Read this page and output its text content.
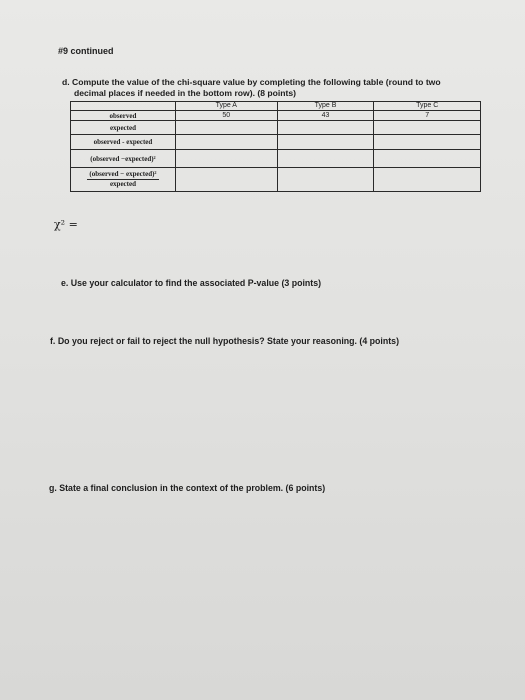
#9 continued
d. Compute the value of the chi-square value by completing the following table (round to two
decimal places if needed in the bottom row). (8 points)
	Type A	Type B	Type C
observed	50	43	7
expected			
observed - expected			
(observed −expected)²			

$\frac{\text{(observed − expected)²}}{\text{expected}}$

χ² =
e. Use your calculator to find the associated P-value (3 points)
f. Do you reject or fail to reject the null hypothesis? State your reasoning. (4 points)
g. State a final conclusion in the context of the problem. (6 points)
